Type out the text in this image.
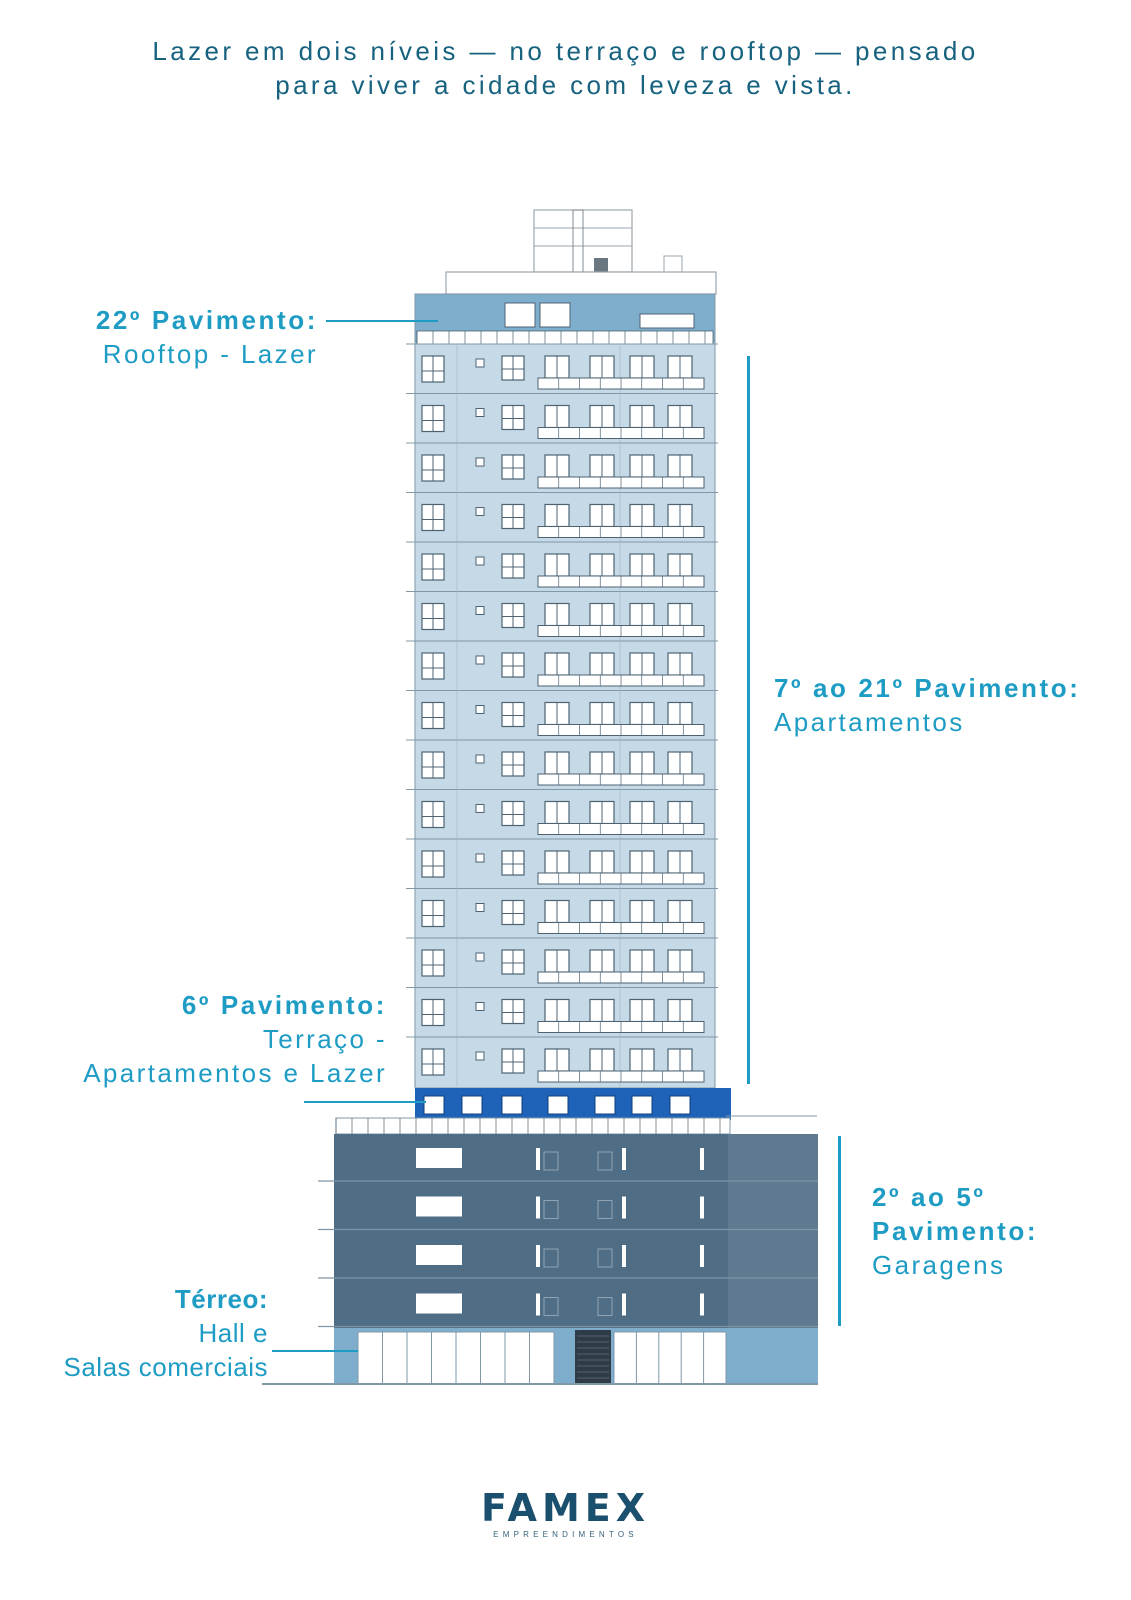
Lazer em dois níveis — no terraço e rooftop — pensado
para viver a cidade com leveza e vista.
22º Pavimento:
Rooftop - Lazer
7º ao 21º Pavimento:
Apartamentos
6º Pavimento:
Terraço -
Apartamentos e Lazer
2º ao 5º
Pavimento:
Garagens
Térreo:
Hall e
Salas comerciais
FAMEX
EMPREENDIMENTOS
